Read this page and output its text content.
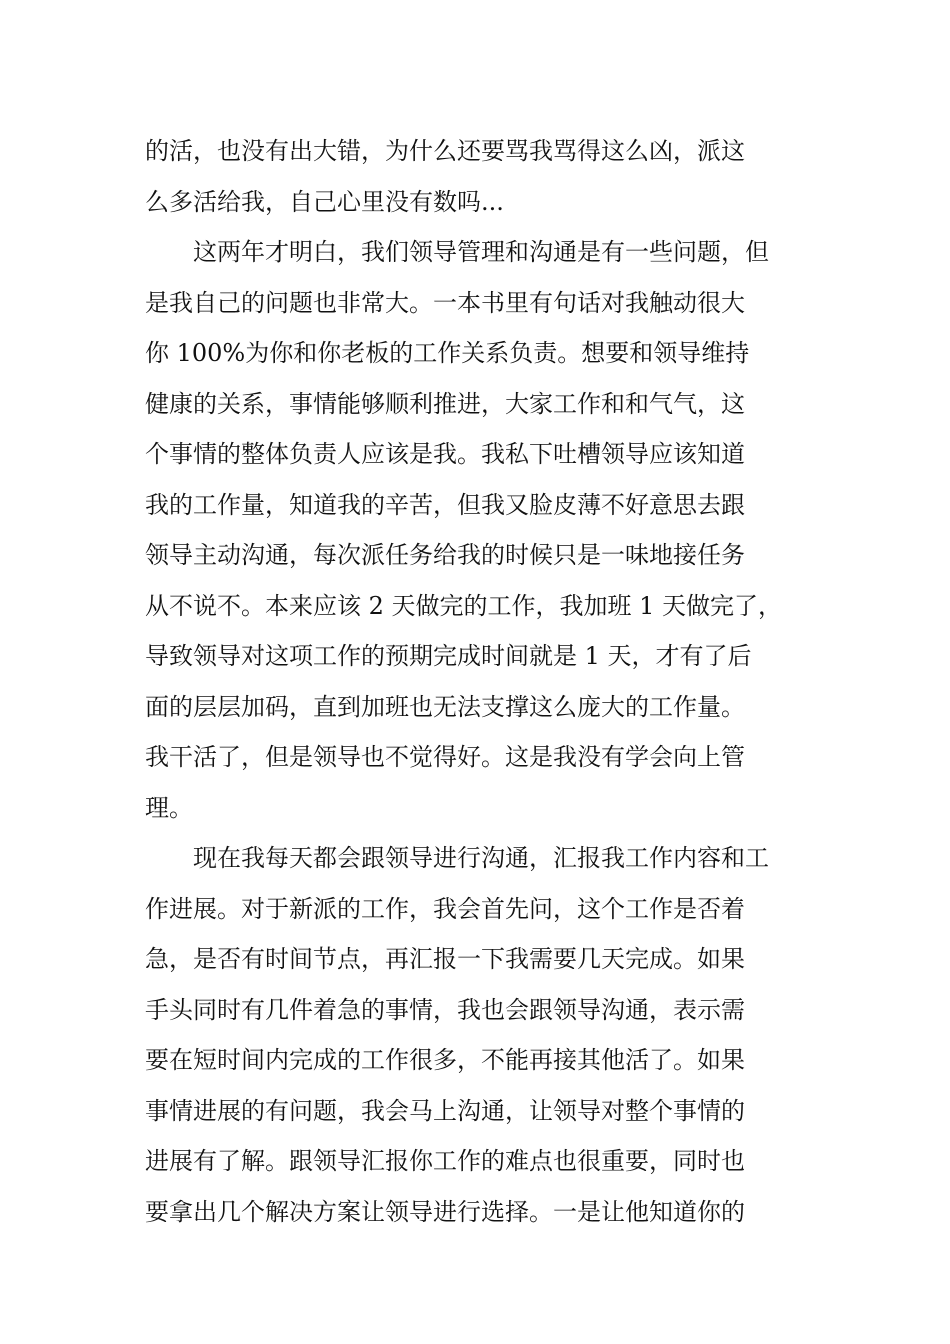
的活，也没有出大错，为什么还要骂我骂得这么凶，派这

么多活给我，自己心里没有数吗...

这两年才明白，我们领导管理和沟通是有一些问题，但

是我自己的问题也非常大。一本书里有句话对我触动很大

你 100%为你和你老板的工作关系负责。想要和领导维持

健康的关系，事情能够顺利推进，大家工作和和气气，这

个事情的整体负责人应该是我。我私下吐槽领导应该知道

我的工作量，知道我的辛苦，但我又脸皮薄不好意思去跟

领导主动沟通，每次派任务给我的时候只是一味地接任务

从不说不。本来应该 2 天做完的工作，我加班 1 天做完了，

导致领导对这项工作的预期完成时间就是 1 天，才有了后

面的层层加码，直到加班也无法支撑这么庞大的工作量。

我干活了，但是领导也不觉得好。这是我没有学会向上管

理。

现在我每天都会跟领导进行沟通，汇报我工作内容和工

作进展。对于新派的工作，我会首先问，这个工作是否着

急，是否有时间节点，再汇报一下我需要几天完成。如果

手头同时有几件着急的事情，我也会跟领导沟通，表示需

要在短时间内完成的工作很多，不能再接其他活了。如果

事情进展的有问题，我会马上沟通，让领导对整个事情的

进展有了解。跟领导汇报你工作的难点也很重要，同时也

要拿出几个解决方案让领导进行选择。一是让他知道你的
